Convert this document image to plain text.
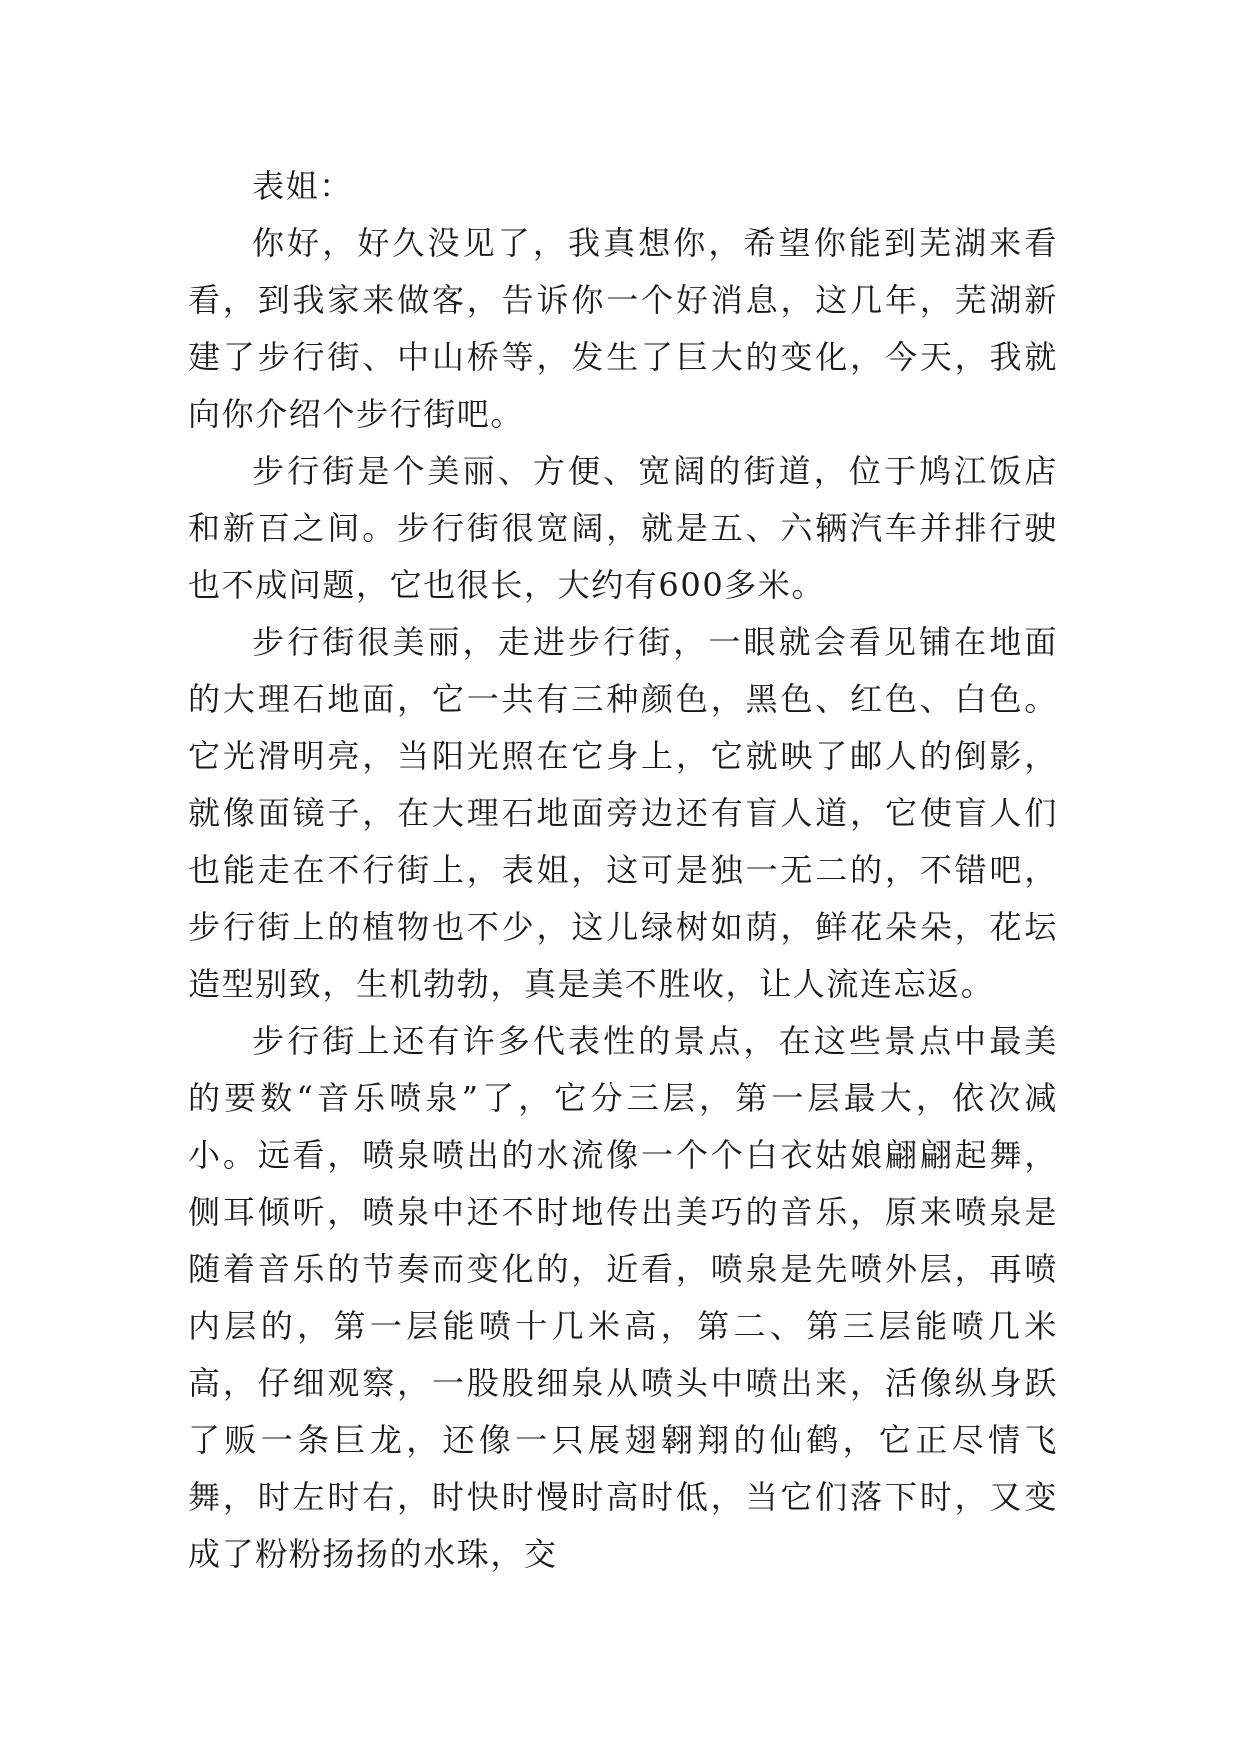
表姐：

你好，好久没见了，我真想你，希望你能到芜湖来看看，到我家来做客，告诉你一个好消息，这几年，芜湖新建了步行街、中山桥等，发生了巨大的变化，今天，我就向你介绍个步行街吧。

步行街是个美丽、方便、宽阔的街道，位于鸠江饭店和新百之间。步行街很宽阔，就是五、六辆汽车并排行驶也不成问题，它也很长，大约有600多米。

步行街很美丽，走进步行街，一眼就会看见铺在地面的大理石地面，它一共有三种颜色，黑色、红色、白色。它光滑明亮，当阳光照在它身上，它就映了邮人的倒影，就像面镜子，在大理石地面旁边还有盲人道，它使盲人们也能走在不行街上，表姐，这可是独一无二的，不错吧，步行街上的植物也不少，这儿绿树如荫，鲜花朵朵，花坛造型别致，生机勃勃，真是美不胜收，让人流连忘返。

步行街上还有许多代表性的景点，在这些景点中最美的要数“音乐喷泉”了，它分三层，第一层最大，依次减小。远看，喷泉喷出的水流像一个个白衣姑娘翩翩起舞，侧耳倾听，喷泉中还不时地传出美巧的音乐，原来喷泉是随着音乐的节奏而变化的，近看，喷泉是先喷外层，再喷内层的，第一层能喷十几米高，第二、第三层能喷几米高，仔细观察，一股股细泉从喷头中喷出来，活像纵身跃了贩一条巨龙，还像一只展翅翱翔的仙鹤，它正尽情飞舞，时左时右，时快时慢时高时低，当它们落下时，又变成了粉粉扬扬的水珠，交
